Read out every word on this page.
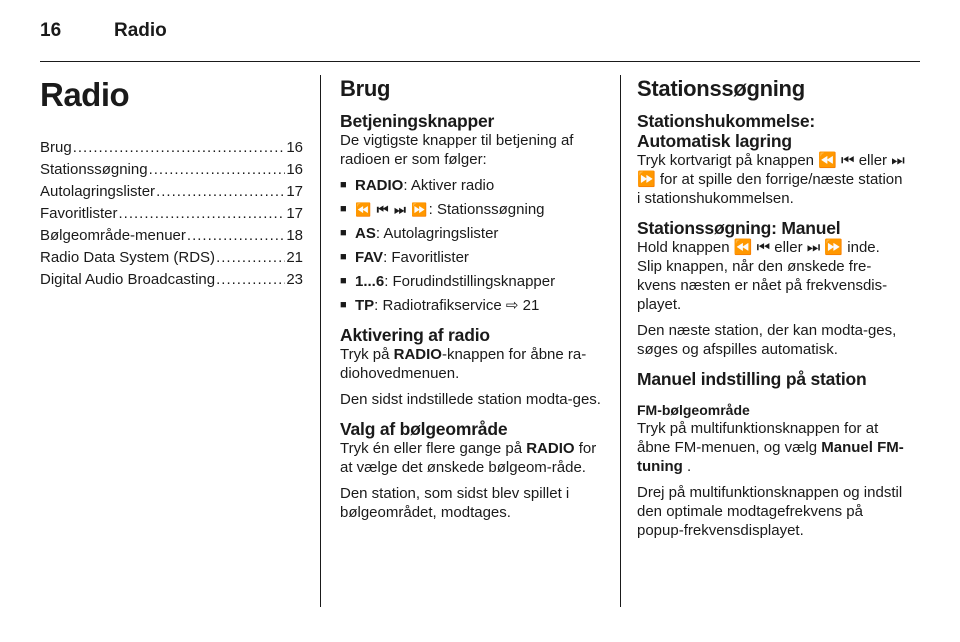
16	Radio
Radio
Brug .....	16
Stationssøgning .....	16
Autolagringslister .....	17
Favoritlister .....	17
Bølgeområde-menuer .....	18
Radio Data System (RDS) .....	21
Digital Audio Broadcasting .....	23
Brug
Betjeningsknapper

De vigtigste knapper til betjening af radioen er som følger:

■ RADIO: Aktiver radio
■ ⏪ ⏮ ⏭ ⏩: Stationssøgning
■ AS: Autolagringslister
■ FAV: Favoritlister
■ 1...6: Forudindstillingsknapper
■ TP: Radiotrafikservice ⇨ 21
Aktivering af radio

Tryk på RADIO-knappen for åbne ra-diohovedmenuen.

Den sidst indstillede station modta-ges.

Valg af bølgeområde

Tryk én eller flere gange på RADIO for at vælge det ønskede bølgeom-råde.

Den station, som sidst blev spillet i bølgeområdet, modtages.

Stationssøgning
Stationshukommelse:
Automatisk lagring

Tryk kortvarigt på knappen ⏪ ⏮ eller ⏭ ⏩ for at spille den forrige/næste station i stationshukommelsen.

Stationssøgning: Manuel

Hold knappen ⏪ ⏮ eller ⏭ ⏩ inde. Slip knappen, når den ønskede fre-kvens næsten er nået på frekvensdis-playet.

Den næste station, der kan modta-ges, søges og afspilles automatisk.

Manuel indstilling på station
FM-bølgeområde

Tryk på multifunktionsknappen for at åbne FM-menuen, og vælg Manuel FM-tuning .

Drej på multifunktionsknappen og indstil den optimale modtagefrekvens på popup-frekvensdisplayet.
